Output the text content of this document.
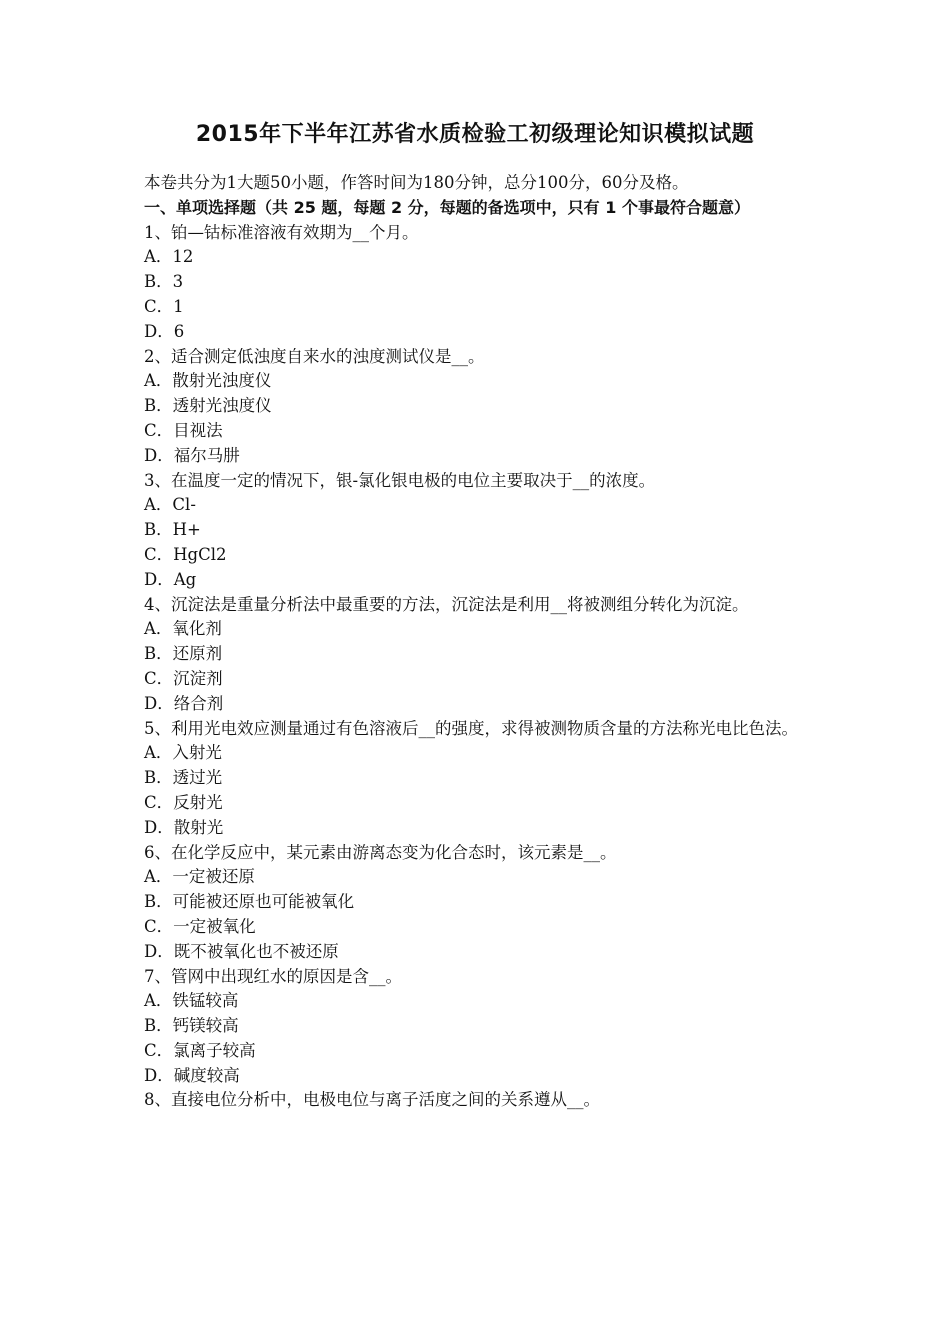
2015年下半年江苏省水质检验工初级理论知识模拟试题
本卷共分为1大题50小题，作答时间为180分钟，总分100分，60分及格。
一、单项选择题（共 25 题，每题 2 分，每题的备选项中，只有 1 个事最符合题意）
1、铂—钴标准溶液有效期为__个月。
A．12
B．3
C．1
D．6
2、适合测定低浊度自来水的浊度测试仪是__。
A．散射光浊度仪
B．透射光浊度仪
C．目视法
D．福尔马肼
3、在温度一定的情况下，银-氯化银电极的电位主要取决于__的浓度。
A．Cl-
B．H+
C．HgCl2
D．Ag
4、沉淀法是重量分析法中最重要的方法，沉淀法是利用__将被测组分转化为沉淀。
A．氧化剂
B．还原剂
C．沉淀剂
D．络合剂
5、利用光电效应测量通过有色溶液后__的强度，求得被测物质含量的方法称光电比色法。
A．入射光
B．透过光
C．反射光
D．散射光
6、在化学反应中，某元素由游离态变为化合态时，该元素是__。
A．一定被还原
B．可能被还原也可能被氧化
C．一定被氧化
D．既不被氧化也不被还原
7、管网中出现红水的原因是含__。
A．铁锰较高
B．钙镁较高
C．氯离子较高
D．碱度较高
8、直接电位分析中，电极电位与离子活度之间的关系遵从__。
